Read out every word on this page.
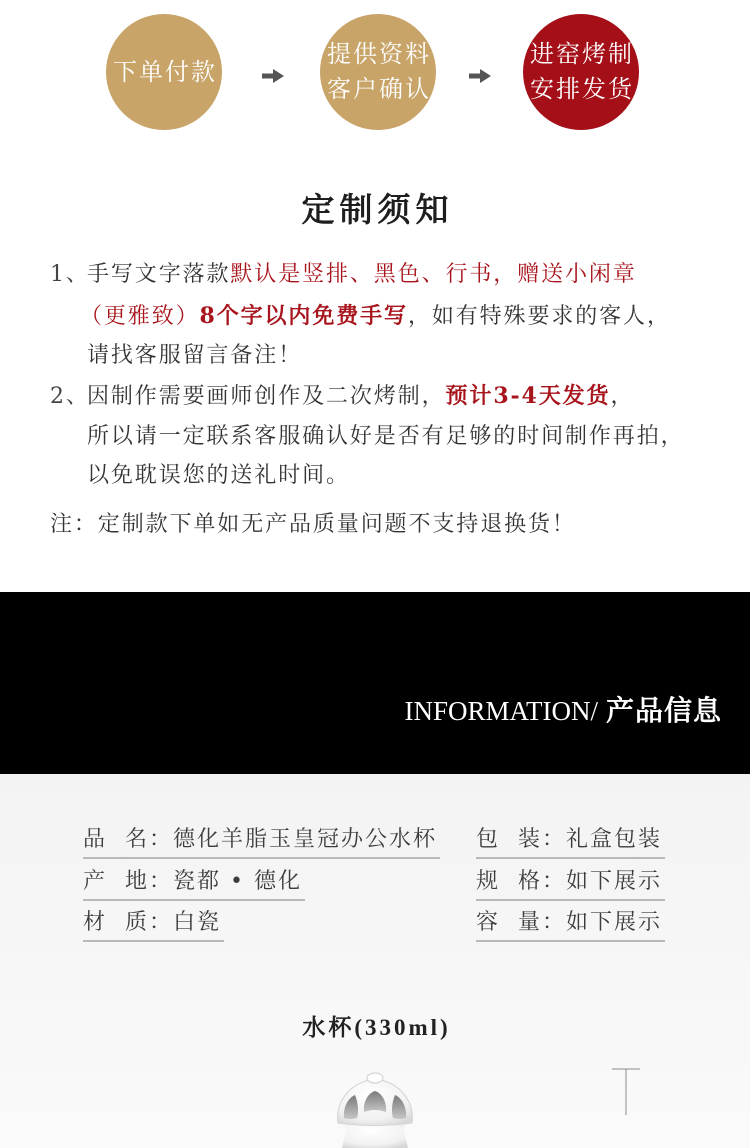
下单付款
提供资料
客户确认
进窑烤制
安排发货
定制须知
1、手写文字落款默认是竖排、黑色、行书，赠送小闲章
（更雅致）8个字以内免费手写，如有特殊要求的客人，
请找客服留言备注！
2、因制作需要画师创作及二次烤制，预计3-4天发货，
所以请一定联系客服确认好是否有足够的时间制作再拍，
以免耽误您的送礼时间。
注：定制款下单如无产品质量问题不支持退换货！
INFORMATION/ 产品信息
品  名：德化羊脂玉皇冠办公水杯 包  装：礼盒包装
产  地：瓷都 • 德化	规  格：如下展示
材  质：白瓷	容  量：如下展示
水杯(330ml)
